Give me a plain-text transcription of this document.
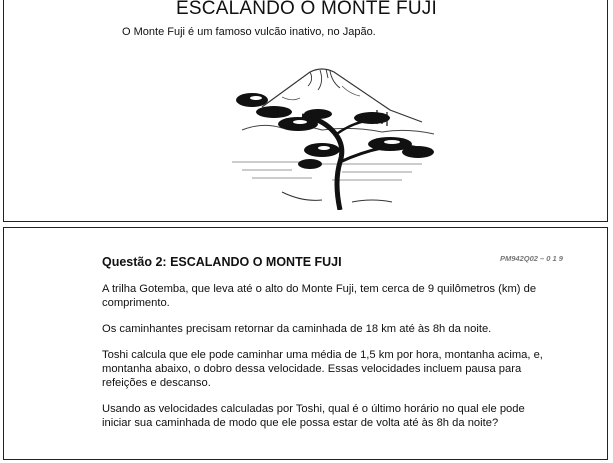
ESCALANDO O MONTE FUJI
O Monte Fuji é um famoso vulcão inativo, no Japão.
Questão 2: ESCALANDO O MONTE FUJI	PM942Q02 – 0 1 9
A trilha Gotemba, que leva até o alto do Monte Fuji, tem cerca de 9 quilômetros (km) de comprimento.
Os caminhantes precisam retornar da caminhada de 18 km até às 8h da noite.
Toshi calcula que ele pode caminhar uma média de 1,5 km por hora, montanha acima, e, montanha abaixo, o dobro dessa velocidade. Essas velocidades incluem pausa para refeições e descanso.
Usando as velocidades calculadas por Toshi, qual é o último horário no qual ele pode iniciar sua caminhada de modo que ele possa estar de volta até às 8h da noite?
